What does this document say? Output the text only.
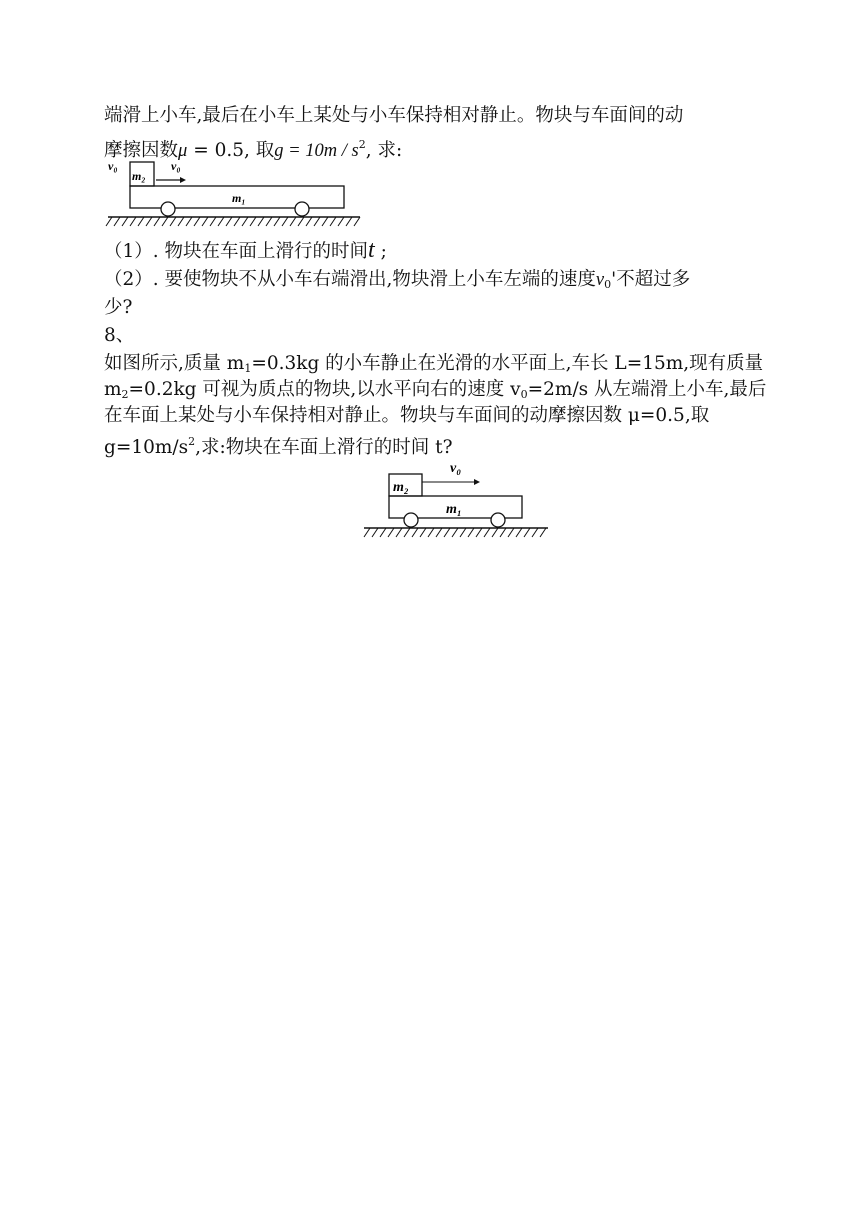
端滑上小车,最后在小车上某处与小车保持相对静止。物块与车面间的动
摩擦因数μ = 0.5, 取$g = 10m / s^2$, 求:
v₀	v₀
m₂
m₁
（1）. 物块在车面上滑行的时间t ;
（2）. 要使物块不从小车右端滑出,物块滑上小车左端的速度$v_0'$不超过多
少?
8、
如图所示,质量 $m_1=0.3kg$ 的小车静止在光滑的水平面上,车长 L=15m,现有质量
$m_2=0.2kg$ 可视为质点的物块,以水平向右的速度 $v_0=2m/s$ 从左端滑上小车,最后
在车面上某处与小车保持相对静止。物块与车面间的动摩擦因数 μ=0.5,取
$g=10m/s^2$,求:物块在车面上滑行的时间 t?
v₀
m₂
m₁
